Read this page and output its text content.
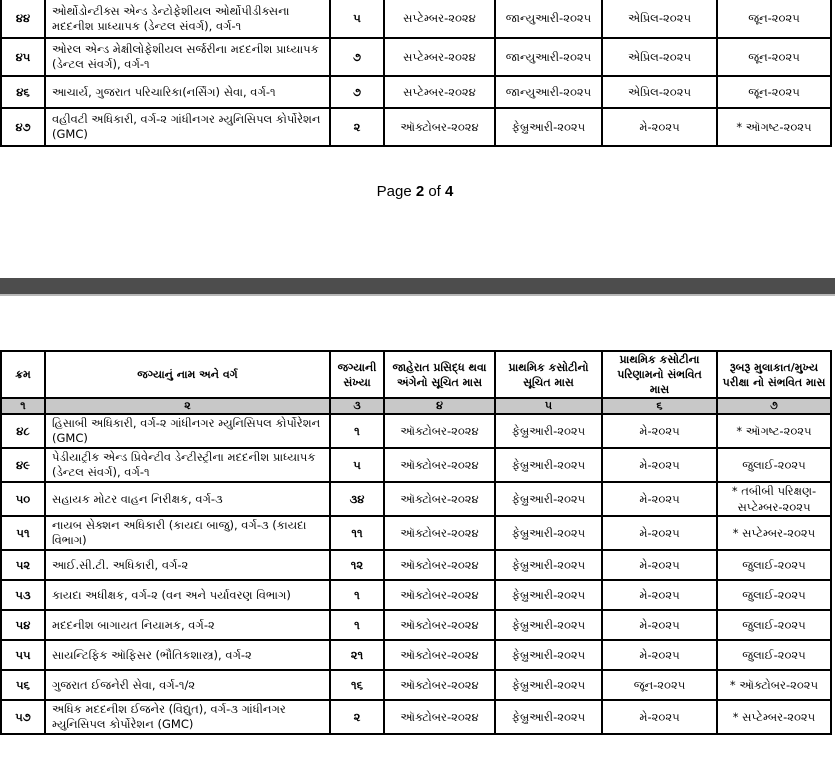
૪૪	ઓર્થોડોન્ટીક્સ એન્ડ ડેન્ટોફેશીયલ ઓર્થોપીડીક્સના મદદનીશ પ્રાધ્યાપક (ડેન્ટલ સંવર્ગ), વર્ગ-૧	૫	સપ્ટેમ્બર-૨૦૨૪	જાન્યુઆરી-૨૦૨૫	એપ્રિલ-૨૦૨૫	જૂન-૨૦૨૫
૪૫	ઓરલ એન્ડ મેક્ષીલોફેશીયલ સર્જરીના મદદનીશ પ્રાધ્યાપક (ડેન્ટલ સંવર્ગ), વર્ગ-૧	૭	સપ્ટેમ્બર-૨૦૨૪	જાન્યુઆરી-૨૦૨૫	એપ્રિલ-૨૦૨૫	જૂન-૨૦૨૫
૪૬	આચાર્ય, ગુજરાત પરિચારિકા(નર્સિંગ) સેવા, વર્ગ-૧	૭	સપ્ટેમ્બર-૨૦૨૪	જાન્યુઆરી-૨૦૨૫	એપ્રિલ-૨૦૨૫	જૂન-૨૦૨૫
૪૭	વહીવટી અધિકારી, વર્ગ-૨ ગાંધીનગર મ્યુનિસિપલ કોર્પોરેશન (GMC)	૨	ઑક્ટોબર-૨૦૨૪	ફેબ્રુઆરી-૨૦૨૫	મે-૨૦૨૫	* ઑગષ્ટ-૨૦૨૫
Page 2 of 4
ક્રમ	જગ્યાનું નામ અને વર્ગ	જગ્યાની સંખ્યા	જાહેરાત પ્રસિદ્ધ થવા અંગેનો સૂચિત માસ	પ્રાથમિક કસોટીનો સૂચિત માસ	પ્રાથમિક કસોટીના પરિણામનો સંભવિત માસ	રૂબરૂ મુલાકાત/મુખ્ય પરીક્ષા નો સંભવિત માસ
૧	૨	૩	૪	૫	૬	૭
૪૮	હિસાબી અધિકારી, વર્ગ-૨ ગાંધીનગર મ્યુનિસિપલ કોર્પોરેશન (GMC)	૧	ઑક્ટોબર-૨૦૨૪	ફેબ્રુઆરી-૨૦૨૫	મે-૨૦૨૫	* ઑગષ્ટ-૨૦૨૫
૪૯	પેડીયાટ્રીક એન્ડ પ્રિવેન્ટીવ ડેન્ટીસ્ટ્રીના મદદનીશ પ્રાધ્યાપક (ડેન્ટલ સંવર્ગ), વર્ગ-૧	૫	ઑક્ટોબર-૨૦૨૪	ફેબ્રુઆરી-૨૦૨૫	મે-૨૦૨૫	જુલાઈ-૨૦૨૫
૫૦	સહાયક મોટર વાહન નિરીક્ષક, વર્ગ-૩	૩૪	ઑક્ટોબર-૨૦૨૪	ફેબ્રુઆરી-૨૦૨૫	મે-૨૦૨૫	* તબીબી પરિક્ષણ- સપ્ટેમ્બર-૨૦૨૫
૫૧	નાયબ સેક્શન અધિકારી (કાયદા બાજુ), વર્ગ-૩ (કાયદા વિભાગ)	૧૧	ઑક્ટોબર-૨૦૨૪	ફેબ્રુઆરી-૨૦૨૫	મે-૨૦૨૫	* સપ્ટેમ્બર-૨૦૨૫
૫૨	આઈ.સી.ટી. અધિકારી, વર્ગ-૨	૧૨	ઑક્ટોબર-૨૦૨૪	ફેબ્રુઆરી-૨૦૨૫	મે-૨૦૨૫	જુલાઈ-૨૦૨૫
૫૩	કાયદા અધીક્ષક, વર્ગ-૨ (વન અને પર્યાવરણ વિભાગ)	૧	ઑક્ટોબર-૨૦૨૪	ફેબ્રુઆરી-૨૦૨૫	મે-૨૦૨૫	જુલાઈ-૨૦૨૫
૫૪	મદદનીશ બાગાયત નિયામક, વર્ગ-૨	૧	ઑક્ટોબર-૨૦૨૪	ફેબ્રુઆરી-૨૦૨૫	મે-૨૦૨૫	જુલાઈ-૨૦૨૫
૫૫	સાયન્ટિફિક ઑફિસર (ભૌતિકશાસ્ત્ર), વર્ગ-૨	૨૧	ઑક્ટોબર-૨૦૨૪	ફેબ્રુઆરી-૨૦૨૫	મે-૨૦૨૫	જુલાઈ-૨૦૨૫
૫૬	ગુજરાત ઈજનેરી સેવા, વર્ગ-૧/૨	૧૬	ઑક્ટોબર-૨૦૨૪	ફેબ્રુઆરી-૨૦૨૫	જૂન-૨૦૨૫	* ઑક્ટોબર-૨૦૨૫
૫૭	અધિક મદદનીશ ઈજનેર (વિદ્યુત), વર્ગ-૩ ગાંધીનગર મ્યુનિસિપલ કોર્પોરેશન (GMC)	૨	ઑક્ટોબર-૨૦૨૪	ફેબ્રુઆરી-૨૦૨૫	મે-૨૦૨૫	* સપ્ટેમ્બર-૨૦૨૫
